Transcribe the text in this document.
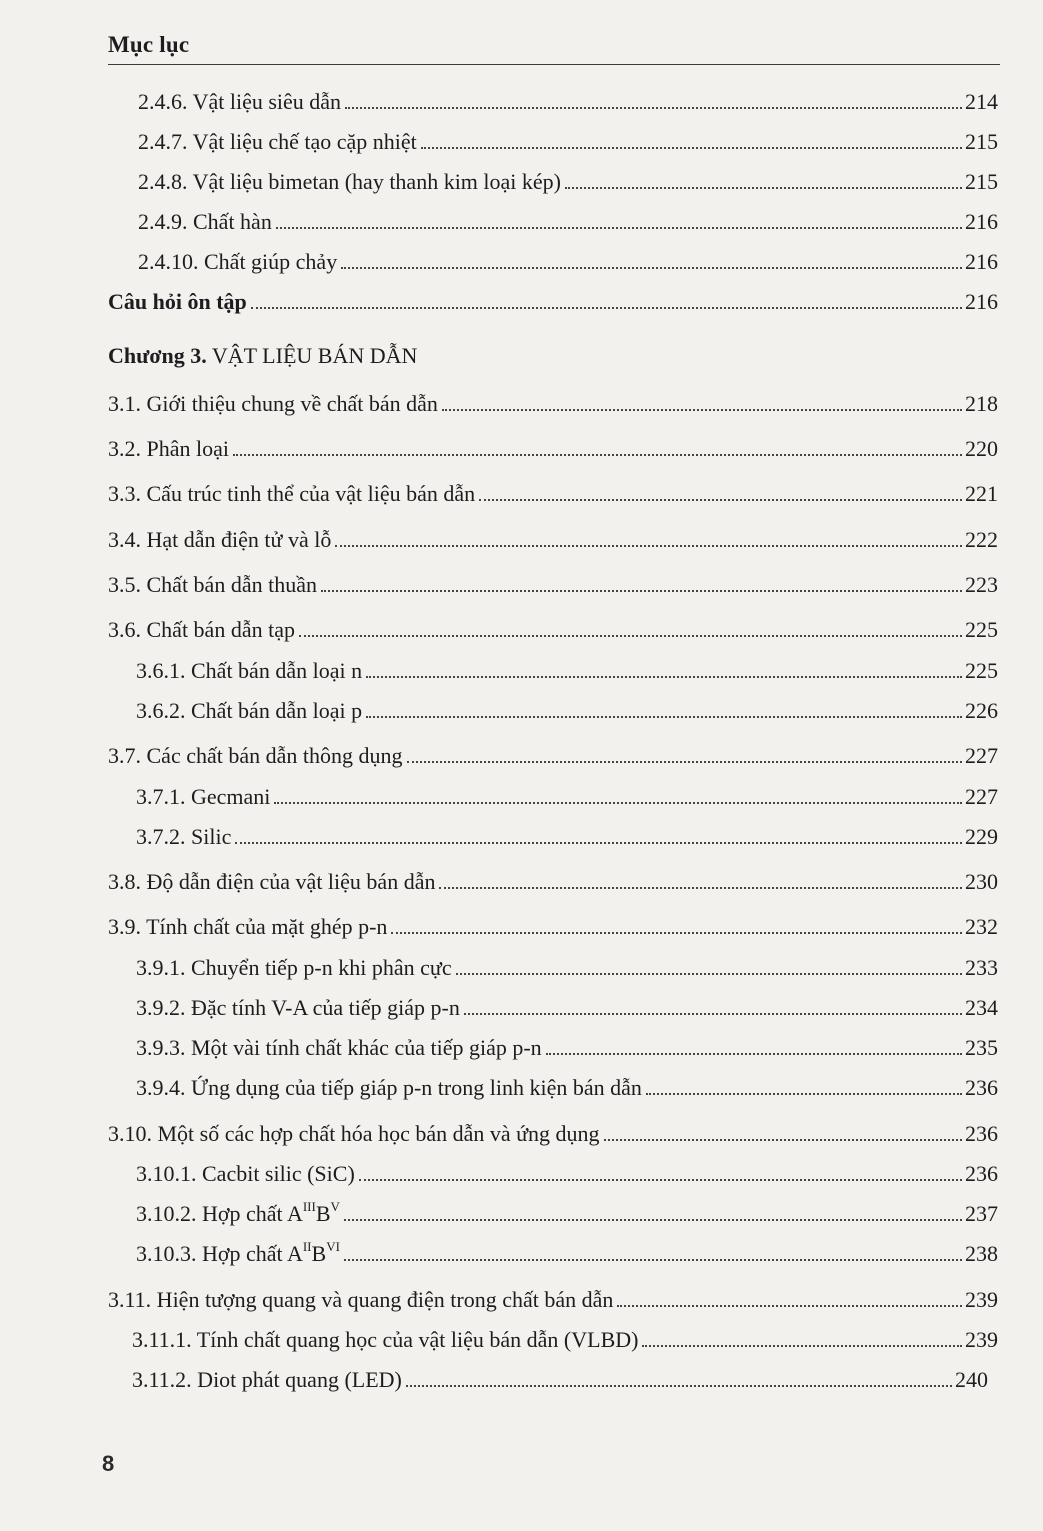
Mục lục
2.4.6. Vật liệu siêu dẫn	214
2.4.7. Vật liệu chế tạo cặp nhiệt	215
2.4.8. Vật liệu bimetan (hay thanh kim loại kép)	215
2.4.9. Chất hàn	216
2.4.10. Chất giúp chảy	216
Câu hỏi ôn tập	216
Chương 3. VẬT LIỆU BÁN DẪN
3.1. Giới thiệu chung về chất bán dẫn	218
3.2. Phân loại	220
3.3. Cấu trúc tinh thể của vật liệu bán dẫn	221
3.4. Hạt dẫn điện tử và lỗ	222
3.5. Chất bán dẫn thuần	223
3.6. Chất bán dẫn tạp	225
3.6.1. Chất bán dẫn loại n	225
3.6.2. Chất bán dẫn loại p	226
3.7. Các chất bán dẫn thông dụng	227
3.7.1. Gecmani	227
3.7.2. Silic	229
3.8. Độ dẫn điện của vật liệu bán dẫn	230
3.9. Tính chất của mặt ghép p-n	232
3.9.1. Chuyển tiếp p-n khi phân cực	233
3.9.2. Đặc tính V-A của tiếp giáp p-n	234
3.9.3. Một vài tính chất khác của tiếp giáp p-n	235
3.9.4. Ứng dụng của tiếp giáp p-n trong linh kiện bán dẫn	236
3.10. Một số các hợp chất hóa học bán dẫn và ứng dụng	236
3.10.1. Cacbit silic (SiC)	236
3.10.2. Hợp chất $A^{III}B^V$	237
3.10.3. Hợp chất $A^{II}B^{VI}$	238
3.11. Hiện tượng quang và quang điện trong chất bán dẫn	239
3.11.1. Tính chất quang học của vật liệu bán dẫn (VLBD)	239
3.11.2. Diot phát quang (LED)	240
8
